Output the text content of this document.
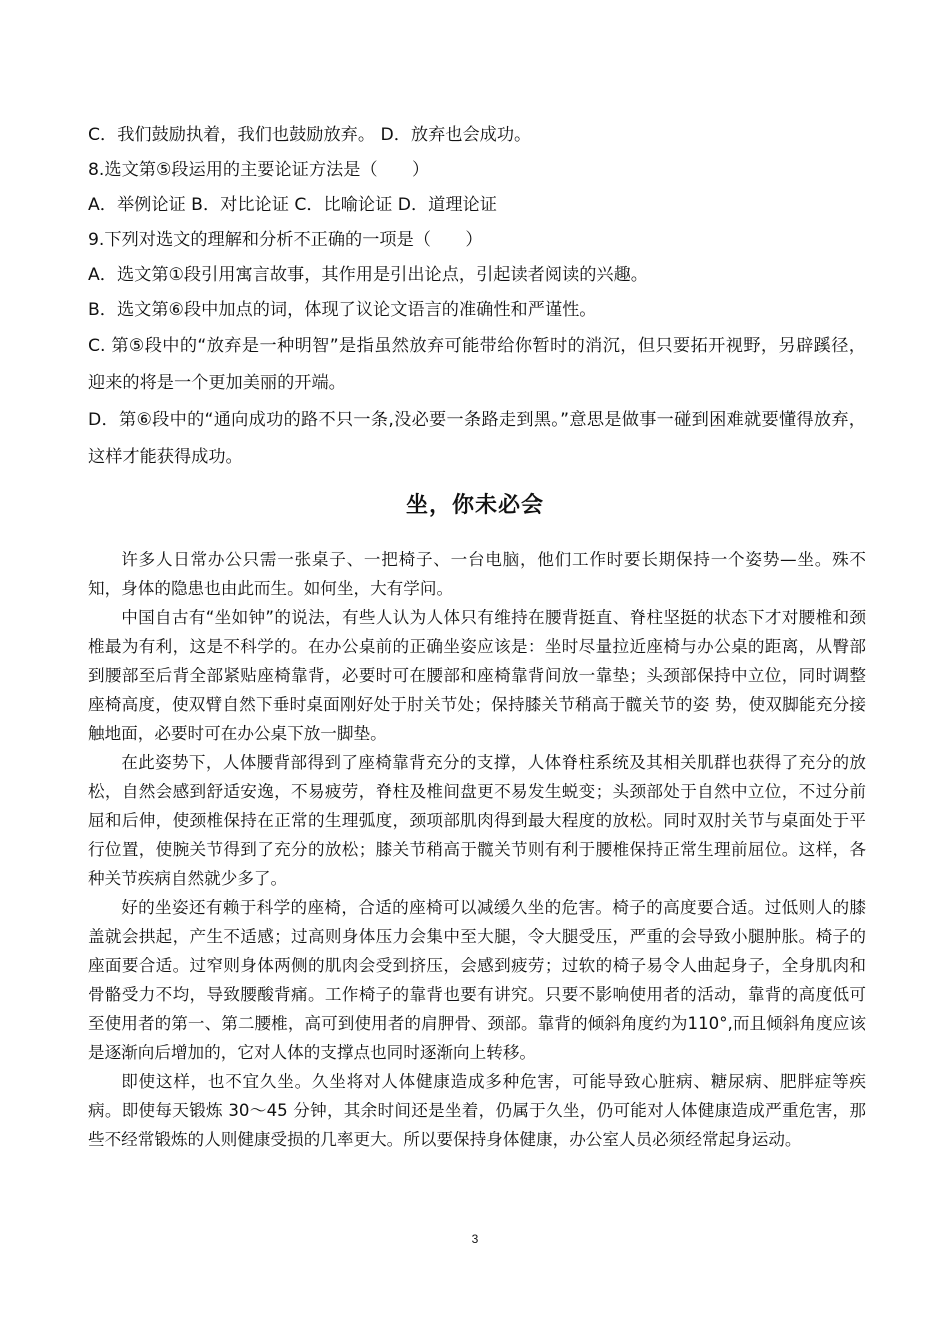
C．我们鼓励执着，我们也鼓励放弃。 D．放弃也会成功。
8.选文第⑤段运用的主要论证方法是（　　）
A．举例论证 B．对比论证 C．比喻论证 D．道理论证
9.下列对选文的理解和分析不正确的一项是（　　）
A．选文第①段引用寓言故事，其作用是引出论点，引起读者阅读的兴趣。
B．选文第⑥段中加点的词，体现了议论文语言的准确性和严谨性。
C. 第⑤段中的“放弃是一种明智”是指虽然放弃可能带给你暂时的消沉，但只要拓开视野，另辟蹊径，迎来的将是一个更加美丽的开端。
D．第⑥段中的“通向成功的路不只一条,没必要一条路走到黑。”意思是做事一碰到困难就要懂得放弃，这样才能获得成功。
坐，你未必会

许多人日常办公只需一张桌子、一把椅子、一台电脑，他们工作时要长期保持一个姿势—坐。殊不知，身体的隐患也由此而生。如何坐，大有学问。

中国自古有“坐如钟”的说法，有些人认为人体只有维持在腰背挺直、脊柱坚挺的状态下才对腰椎和颈椎最为有利，这是不科学的。在办公桌前的正确坐姿应该是：坐时尽量拉近座椅与办公桌的距离，从臀部到腰部至后背全部紧贴座椅靠背，必要时可在腰部和座椅靠背间放一靠垫；头颈部保持中立位，同时调整座椅高度，使双臂自然下垂时桌面刚好处于肘关节处；保持膝关节稍高于髋关节的姿 势，使双脚能充分接触地面，必要时可在办公桌下放一脚垫。

在此姿势下，人体腰背部得到了座椅靠背充分的支撑，人体脊柱系统及其相关肌群也获得了充分的放松，自然会感到舒适安逸，不易疲劳，脊柱及椎间盘更不易发生蜕变；头颈部处于自然中立位，不过分前屈和后伸，使颈椎保持在正常的生理弧度，颈项部肌肉得到最大程度的放松。同时双肘关节与桌面处于平行位置，使腕关节得到了充分的放松；膝关节稍高于髋关节则有利于腰椎保持正常生理前屈位。这样，各种关节疾病自然就少多了。

好的坐姿还有赖于科学的座椅，合适的座椅可以减缓久坐的危害。椅子的高度要合适。过低则人的膝盖就会拱起，产生不适感；过高则身体压力会集中至大腿，令大腿受压，严重的会导致小腿肿胀。椅子的座面要合适。过窄则身体两侧的肌肉会受到挤压，会感到疲劳；过软的椅子易令人曲起身子，全身肌肉和骨骼受力不均，导致腰酸背痛。工作椅子的靠背也要有讲究。只要不影响使用者的活动，靠背的高度低可至使用者的第一、第二腰椎，高可到使用者的肩胛骨、颈部。靠背的倾斜角度约为110°,而且倾斜角度应该是逐渐向后增加的，它对人体的支撑点也同时逐渐向上转移。

即使这样，也不宜久坐。久坐将对人体健康造成多种危害，可能导致心脏病、糖尿病、肥胖症等疾病。即使每天锻炼 30～45 分钟，其余时间还是坐着，仍属于久坐，仍可能对人体健康造成严重危害，那些不经常锻炼的人则健康受损的几率更大。所以要保持身体健康，办公室人员必须经常起身运动。

3
